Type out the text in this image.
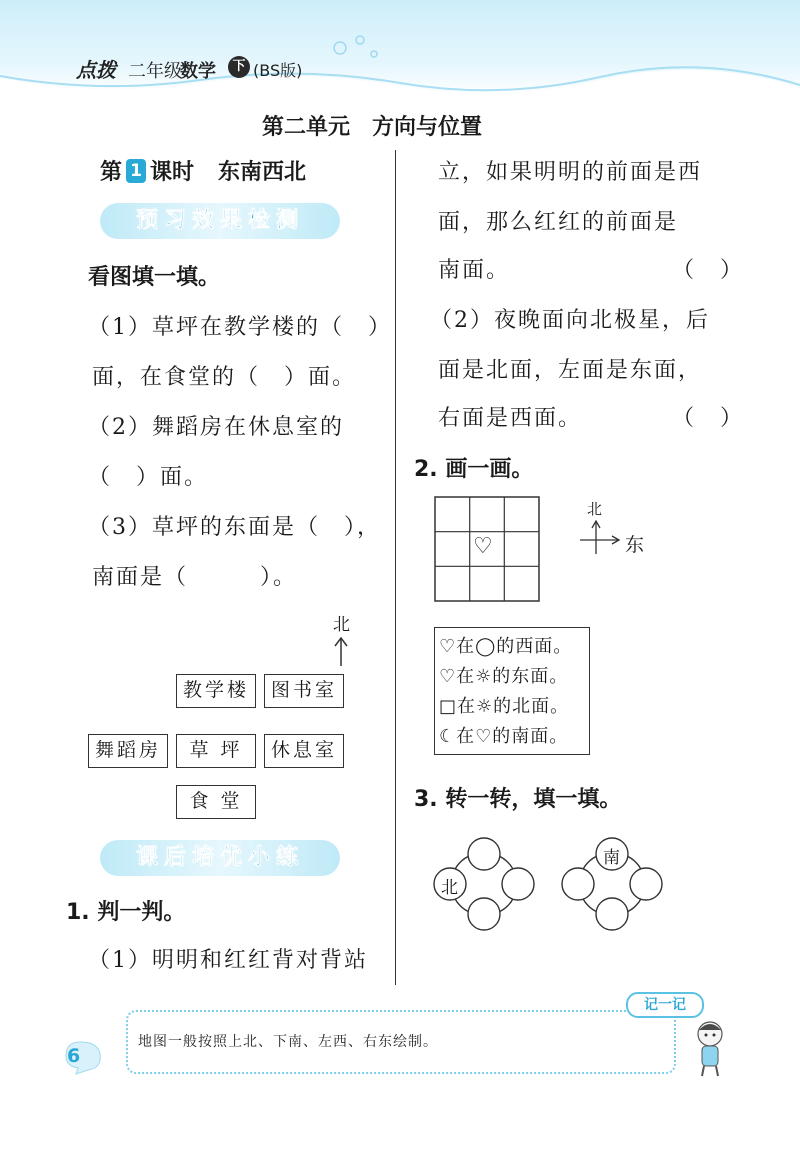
点拨 二年级
数学	下 (BS版)
第二单元　方向与位置
第 1 课时 东南西北
预习效果检测
看图填一填。
（1）草坪在教学楼的（　）
面，在食堂的（　）面。
（2）舞蹈房在休息室的
（　）面。
（3）草坪的东面是（　），
南面是（　　　）。
北
教学楼	图书室
舞蹈房	草 坪	休息室
食 堂
课后培优小练
1. 判一判。
（1）明明和红红背对背站
立，如果明明的前面是西
面，那么红红的前面是
南面。	（　）
（2）夜晚面向北极星，后
面是北面，左面是东面，
右面是西面。	（　）
2. 画一画。
♡
北
东
♡在◯的西面。
♡在☼的东面。
□在☼的北面。
☾在♡的南面。
3. 转一转，填一填。
北
南
记一记
地图一般按照上北、下南、左西、右东绘制。
6
